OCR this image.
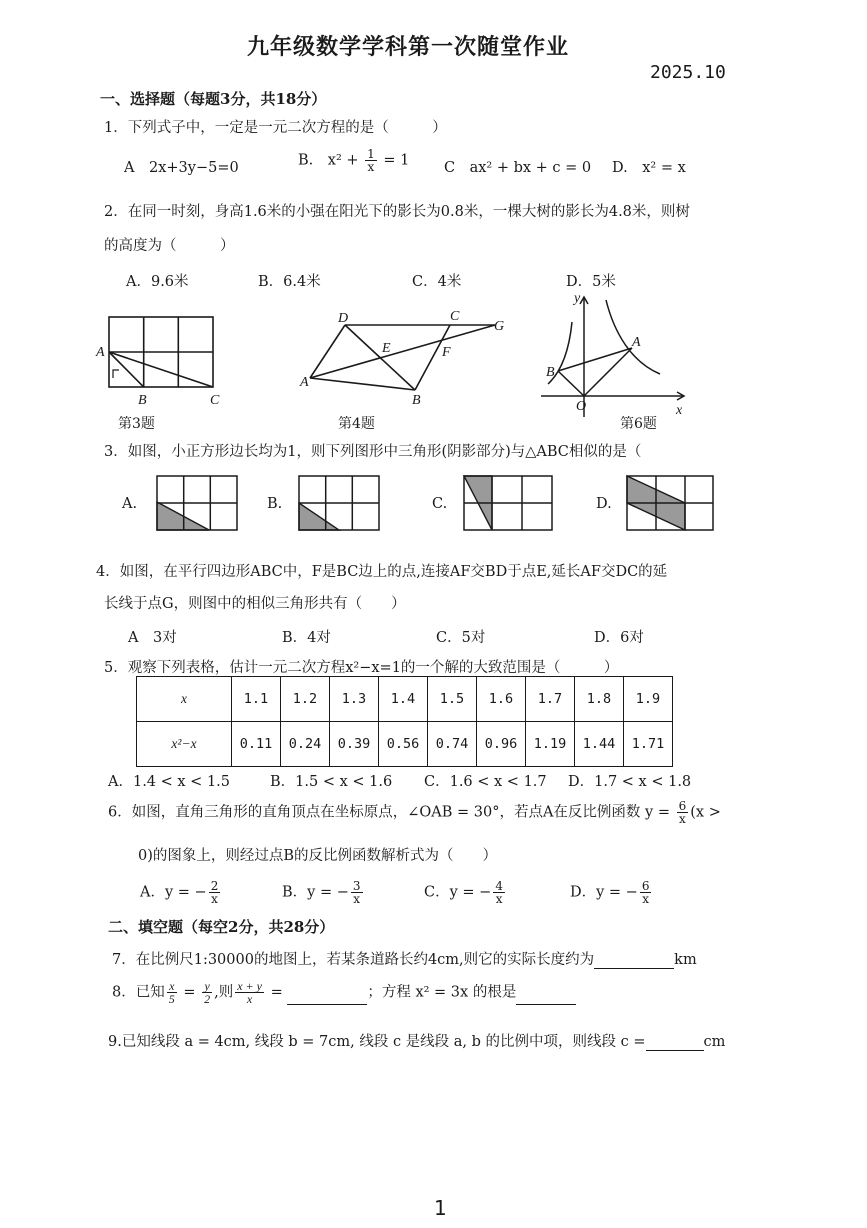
九年级数学学科第一次随堂作业
2025.10
一、选择题（每题3分，共18分）
1．下列式子中，一定是一元二次方程的是（　　　）
A　2x+3y−5=0	B.　$x^2 + \frac{1}{x} = 1$ C　ax² + bx + c = 0 D.　x² = x
2．在同一时刻，身高1.6米的小强在阳光下的影长为0.8米，一棵大树的影长为4.8米，则树
的高度为（　　　）
A．9.6米	B．6.4米	C．4米	D．5米
A
B	C
第3题
D	C
G
E	F
A
B
第4题
y
A
B
O	x
第6题
3．如图，小正方形边长均为1，则下列图形中三角形(阴影部分)与△ABC相似的是（
A.	B.	C.	D.
4．如图，在平行四边形ABC中，F是BC边上的点,连接AF交BD于点E,延长AF交DC的延
长线于点G，则图中的相似三角形共有（　　）
A　3对	B．4对	C．5对	D．6对
5．观察下列表格，估计一元二次方程x²−x=1的一个解的大致范围是（　　　）
x	1.1	1.2	1.3	1.4	1.5	1.6	1.7	1.8	1.9
x²−x	0.11	0.24	0.39	0.56	0.74	0.96	1.19	1.44	1.71
A．1.4 < x < 1.5	B．1.5 < x < 1.6 C．1.6 < x < 1.7 D．1.7 < x < 1.8
6．如图，直角三角形的直角顶点在坐标原点，∠OAB = 30°，若点A在反比例函数 $y = \frac{6}{x} (x$ >
0)的图象上，则经过点B的反比例函数解析式为（　　）
A．y = − $\frac{2}{x}$	B．y = − $\frac{3}{x}$	C．y = − $\frac{4}{x}$	D．y = − $\frac{6}{x}$
二、填空题（每空2分，共28分）
7．在比例尺1:30000的地图上，若某条道路长约4cm,则它的实际长度约为	km
8．已知 $\frac{x}{5} = \frac{y}{2}$ ,则 $\frac{x + y}{x}$ =	；方程 x² = 3x 的根是
9.已知线段 a = 4cm, 线段 b = 7cm, 线段 c 是线段 a, b 的比例中项，则线段 c =	cm
1
